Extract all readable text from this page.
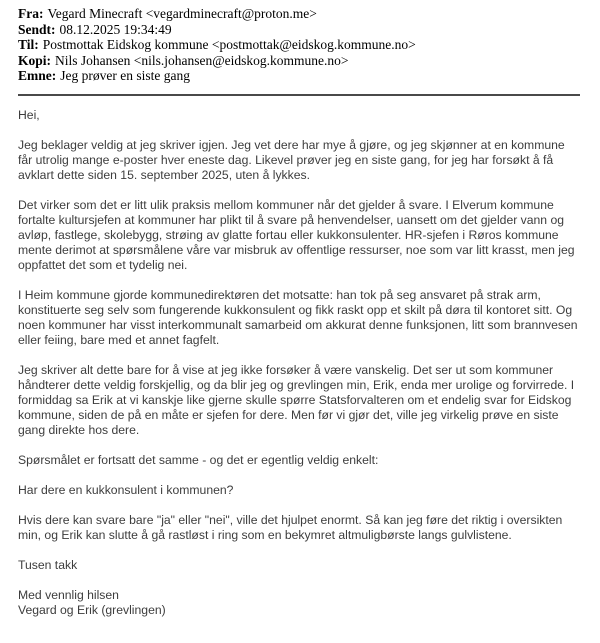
Fra: Vegard Minecraft <vegardminecraft@proton.me>
Sendt: 08.12.2025 19:34:49
Til: Postmottak Eidskog kommune <postmottak@eidskog.kommune.no>
Kopi: Nils Johansen <nils.johansen@eidskog.kommune.no>
Emne: Jeg prøver en siste gang

Hei,

Jeg beklager veldig at jeg skriver igjen. Jeg vet dere har mye å gjøre, og jeg skjønner at en kommune får utrolig mange e-poster hver eneste dag. Likevel prøver jeg en siste gang, for jeg har forsøkt å få avklart dette siden 15. september 2025, uten å lykkes.

Det virker som det er litt ulik praksis mellom kommuner når det gjelder å svare. I Elverum kommune fortalte kultursjefen at kommuner har plikt til å svare på henvendelser, uansett om det gjelder vann og avløp, fastlege, skolebygg, strøing av glatte fortau eller kukkonsulenter. HR-sjefen i Røros kommune mente derimot at spørsmålene våre var misbruk av offentlige ressurser, noe som var litt krasst, men jeg oppfattet det som et tydelig nei.

I Heim kommune gjorde kommunedirektøren det motsatte: han tok på seg ansvaret på strak arm, konstituerte seg selv som fungerende kukkonsulent og fikk raskt opp et skilt på døra til kontoret sitt. Og noen kommuner har visst interkommunalt samarbeid om akkurat denne funksjonen, litt som brannvesen eller feiing, bare med et annet fagfelt.

Jeg skriver alt dette bare for å vise at jeg ikke forsøker å være vanskelig. Det ser ut som kommuner håndterer dette veldig forskjellig, og da blir jeg og grevlingen min, Erik, enda mer urolige og forvirrede. I formiddag sa Erik at vi kanskje like gjerne skulle spørre Statsforvalteren om et endelig svar for Eidskog kommune, siden de på en måte er sjefen for dere. Men før vi gjør det, ville jeg virkelig prøve en siste gang direkte hos dere.

Spørsmålet er fortsatt det samme - og det er egentlig veldig enkelt:

Har dere en kukkonsulent i kommunen?

Hvis dere kan svare bare "ja" eller "nei", ville det hjulpet enormt. Så kan jeg føre det riktig i oversikten min, og Erik kan slutte å gå rastløst i ring som en bekymret altmuligbørste langs gulvlistene.

Tusen takk

Med vennlig hilsen
Vegard og Erik (grevlingen)
